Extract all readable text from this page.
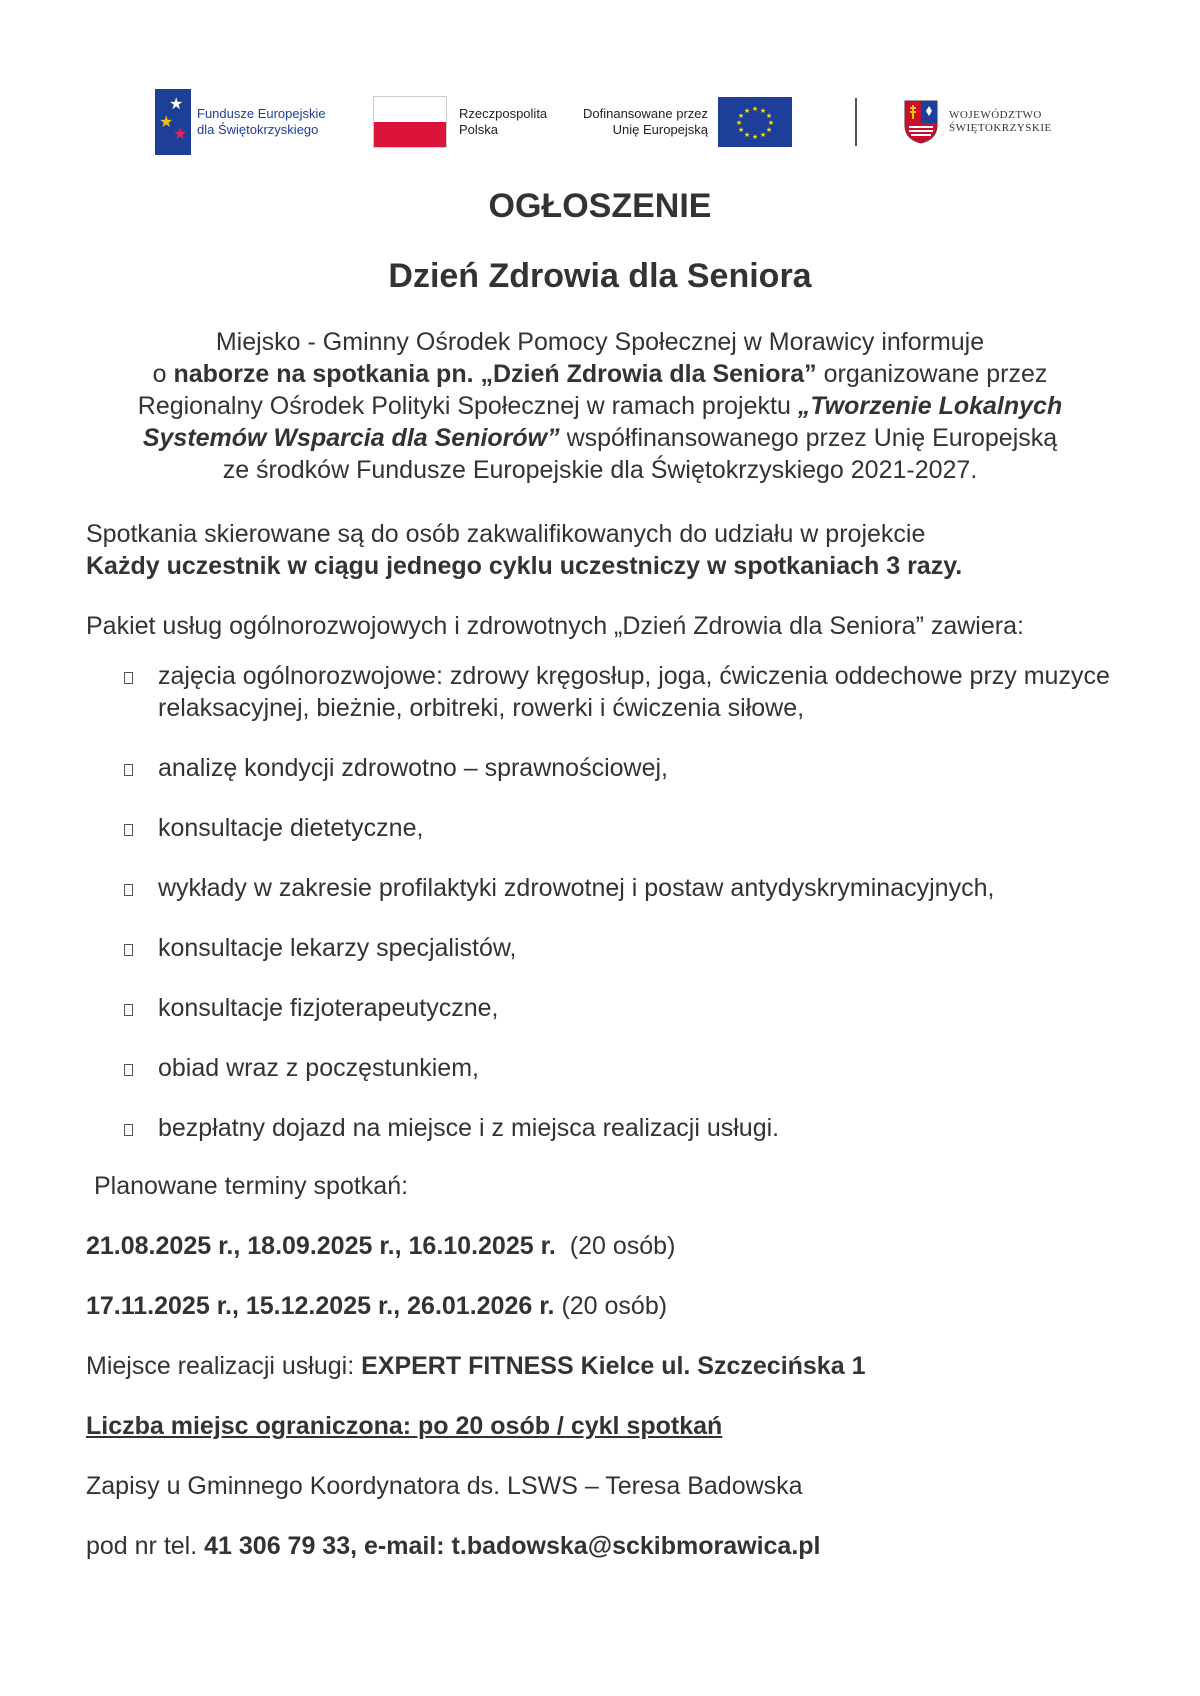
★
★
★
Fundusze Europejskie
dla Świętokrzyskiego
Rzeczpospolita
Polska
Dofinansowane przez
Unię Europejską
★ ★
★
★
★
★
★
★
★
★
★
★	WOJEWÓDZTWO
ŚWIĘTOKRZYSKIE
OGŁOSZENIE
Dzień Zdrowia dla Seniora
Miejsko - Gminny Ośrodek Pomocy Społecznej w Morawicy informuje
o naborze na spotkania pn. „Dzień Zdrowia dla Seniora” organizowane przez
Regionalny Ośrodek Polityki Społecznej w ramach projektu „Tworzenie Lokalnych
Systemów Wsparcia dla Seniorów” współfinansowanego przez Unię Europejską
ze środków Fundusze Europejskie dla Świętokrzyskiego 2021-2027.
Spotkania skierowane są do osób zakwalifikowanych do udziału w projekcie
Każdy uczestnik w ciągu jednego cyklu uczestniczy w spotkaniach 3 razy.
Pakiet usług ogólnorozwojowych i zdrowotnych „Dzień Zdrowia dla Seniora” zawiera:
zajęcia ogólnorozwojowe: zdrowy kręgosłup, joga, ćwiczenia oddechowe przy muzyce relaksacyjnej, bieżnie, orbitreki, rowerki i ćwiczenia siłowe,
analizę kondycji zdrowotno – sprawnościowej,
konsultacje dietetyczne,
wykłady w zakresie profilaktyki zdrowotnej i postaw antydyskryminacyjnych,
konsultacje lekarzy specjalistów,
konsultacje fizjoterapeutyczne,
obiad wraz z poczęstunkiem,
bezpłatny dojazd na miejsce i z miejsca realizacji usługi.
Planowane terminy spotkań:
21.08.2025 r., 18.09.2025 r., 16.10.2025 r. (20 osób)
17.11.2025 r., 15.12.2025 r., 26.01.2026 r. (20 osób)
Miejsce realizacji usługi: EXPERT FITNESS Kielce ul. Szczecińska 1
Liczba miejsc ograniczona: po 20 osób / cykl spotkań
Zapisy u Gminnego Koordynatora ds. LSWS – Teresa Badowska
pod nr tel. 41 306 79 33, e-mail: t.badowska@sckibmorawica.pl
